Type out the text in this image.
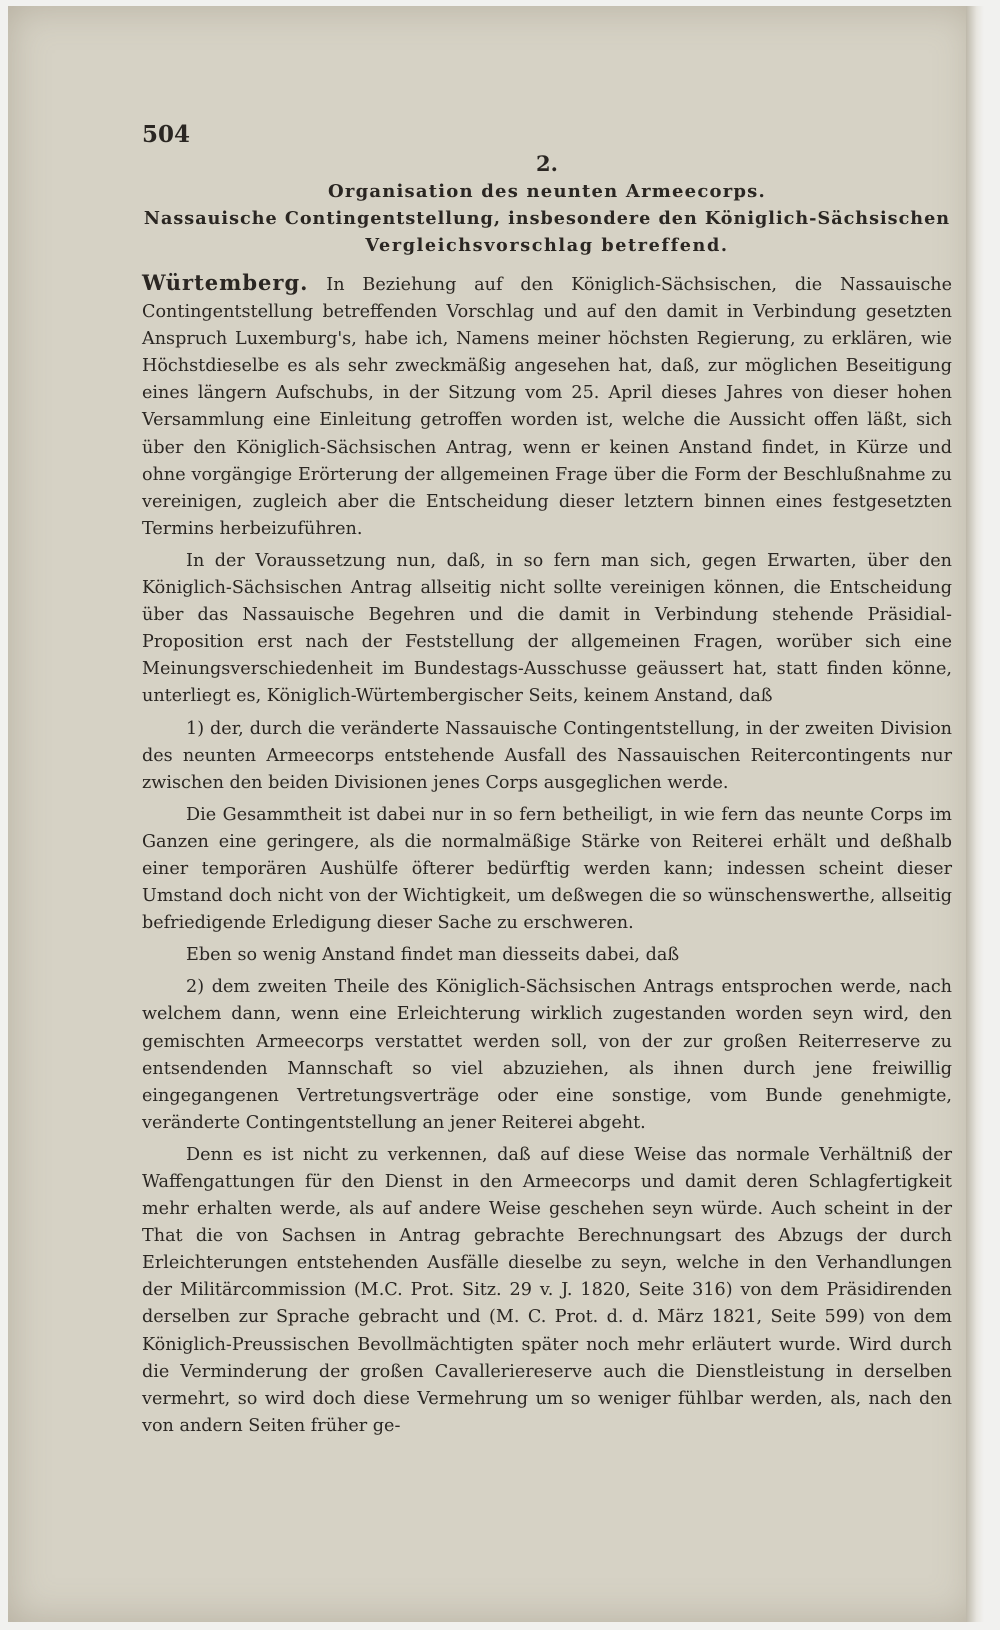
504
2.
Organisation des neunten Armeecorps.
Nassauische Contingentstellung, insbesondere den Königlich-Sächsischen
Vergleichsvorschlag betreffend.

Würtemberg. In Beziehung auf den Königlich-Sächsischen, die Nassauische Contingentstellung betreffenden Vorschlag und auf den damit in Verbindung gesetzten Anspruch Luxemburg's, habe ich, Namens meiner höchsten Regierung, zu erklären, wie Höchstdieselbe es als sehr zweckmäßig angesehen hat, daß, zur möglichen Beseitigung eines längern Aufschubs, in der Sitzung vom 25. April dieses Jahres von dieser hohen Versammlung eine Einleitung getroffen worden ist, welche die Aussicht offen läßt, sich über den Königlich-Sächsischen Antrag, wenn er keinen Anstand findet, in Kürze und ohne vorgängige Erörterung der allgemeinen Frage über die Form der Beschlußnahme zu vereinigen, zugleich aber die Entscheidung dieser letztern binnen eines festgesetzten Termins herbeizuführen.

In der Voraussetzung nun, daß, in so fern man sich, gegen Erwarten, über den Königlich-Sächsischen Antrag allseitig nicht sollte vereinigen können, die Entscheidung über das Nassauische Begehren und die damit in Verbindung stehende Präsidial-Proposition erst nach der Feststellung der allgemeinen Fragen, worüber sich eine Meinungsverschiedenheit im Bundestags-Ausschusse geäussert hat, statt finden könne, unterliegt es, Königlich-Würtembergischer Seits, keinem Anstand, daß

1) der, durch die veränderte Nassauische Contingentstellung, in der zweiten Division des neunten Armeecorps entstehende Ausfall des Nassauischen Reitercontingents nur zwischen den beiden Divisionen jenes Corps ausgeglichen werde.

Die Gesammtheit ist dabei nur in so fern betheiligt, in wie fern das neunte Corps im Ganzen eine geringere, als die normalmäßige Stärke von Reiterei erhält und deßhalb einer temporären Aushülfe öfterer bedürftig werden kann; indessen scheint dieser Umstand doch nicht von der Wichtigkeit, um deßwegen die so wünschenswerthe, allseitig befriedigende Erledigung dieser Sache zu erschweren.

Eben so wenig Anstand findet man diesseits dabei, daß

2) dem zweiten Theile des Königlich-Sächsischen Antrags entsprochen werde, nach welchem dann, wenn eine Erleichterung wirklich zugestanden worden seyn wird, den gemischten Armeecorps verstattet werden soll, von der zur großen Reiterreserve zu entsendenden Mannschaft so viel abzuziehen, als ihnen durch jene freiwillig eingegangenen Vertretungsverträge oder eine sonstige, vom Bunde genehmigte, veränderte Contingentstellung an jener Reiterei abgeht.

Denn es ist nicht zu verkennen, daß auf diese Weise das normale Verhältniß der Waffengattungen für den Dienst in den Armeecorps und damit deren Schlagfertigkeit mehr erhalten werde, als auf andere Weise geschehen seyn würde. Auch scheint in der That die von Sachsen in Antrag gebrachte Berechnungsart des Abzugs der durch Erleichterungen entstehenden Ausfälle dieselbe zu seyn, welche in den Verhandlungen der Militärcommission (M.C. Prot. Sitz. 29 v. J. 1820, Seite 316) von dem Präsidirenden derselben zur Sprache gebracht und (M. C. Prot. d. d. März 1821, Seite 599) von dem Königlich-Preussischen Bevollmächtigten später noch mehr erläutert wurde. Wird durch die Verminderung der großen Cavalleriereserve auch die Dienstleistung in derselben vermehrt, so wird doch diese Vermehrung um so weniger fühlbar werden, als, nach den von andern Seiten früher ge-
